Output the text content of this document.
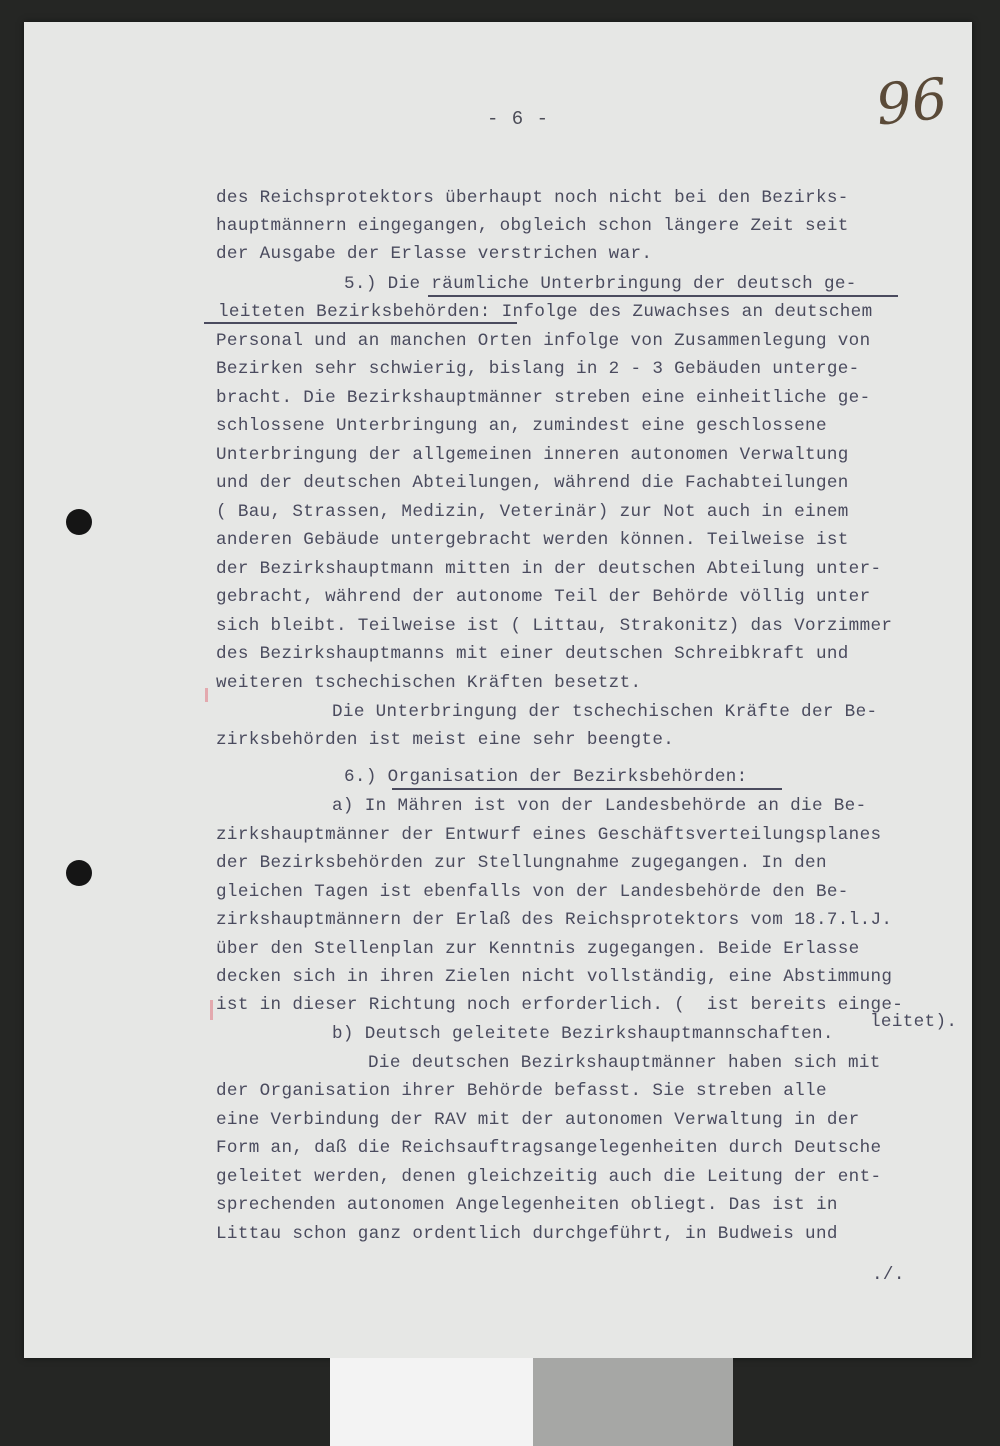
- 6 -	96
des Reichsprotektors überhaupt noch nicht bei den Bezirks-
hauptmännern eingegangen, obgleich schon längere Zeit seit
der Ausgabe der Erlasse verstrichen war.
5.) Die räumliche Unterbringung der deutsch ge-
leiteten Bezirksbehörden: Infolge des Zuwachses an deutschem
Personal und an manchen Orten infolge von Zusammenlegung von
Bezirken sehr schwierig, bislang in 2 - 3 Gebäuden unterge-
bracht. Die Bezirkshauptmänner streben eine einheitliche ge-
schlossene Unterbringung an, zumindest eine geschlossene
Unterbringung der allgemeinen inneren autonomen Verwaltung
und der deutschen Abteilungen, während die Fachabteilungen
( Bau, Strassen, Medizin, Veterinär) zur Not auch in einem
anderen Gebäude untergebracht werden können. Teilweise ist
der Bezirkshauptmann mitten in der deutschen Abteilung unter-
gebracht, während der autonome Teil der Behörde völlig unter
sich bleibt. Teilweise ist ( Littau, Strakonitz) das Vorzimmer
des Bezirkshauptmanns mit einer deutschen Schreibkraft und
weiteren tschechischen Kräften besetzt.
Die Unterbringung der tschechischen Kräfte der Be-
zirksbehörden ist meist eine sehr beengte.
6.) Organisation der Bezirksbehörden:
a) In Mähren ist von der Landesbehörde an die Be-
zirkshauptmänner der Entwurf eines Geschäftsverteilungsplanes
der Bezirksbehörden zur Stellungnahme zugegangen. In den
gleichen Tagen ist ebenfalls von der Landesbehörde den Be-
zirkshauptmännern der Erlaß des Reichsprotektors vom 18.7.l.J.
über den Stellenplan zur Kenntnis zugegangen. Beide Erlasse
decken sich in ihren Zielen nicht vollständig, eine Abstimmung
ist in dieser Richtung noch erforderlich. (  ist bereits einge-
leitet).
b) Deutsch geleitete Bezirkshauptmannschaften.
Die deutschen Bezirkshauptmänner haben sich mit
der Organisation ihrer Behörde befasst. Sie streben alle
eine Verbindung der RAV mit der autonomen Verwaltung in der
Form an, daß die Reichsauftragsangelegenheiten durch Deutsche
geleitet werden, denen gleichzeitig auch die Leitung der ent-
sprechenden autonomen Angelegenheiten obliegt. Das ist in
Littau schon ganz ordentlich durchgeführt, in Budweis und
./.
